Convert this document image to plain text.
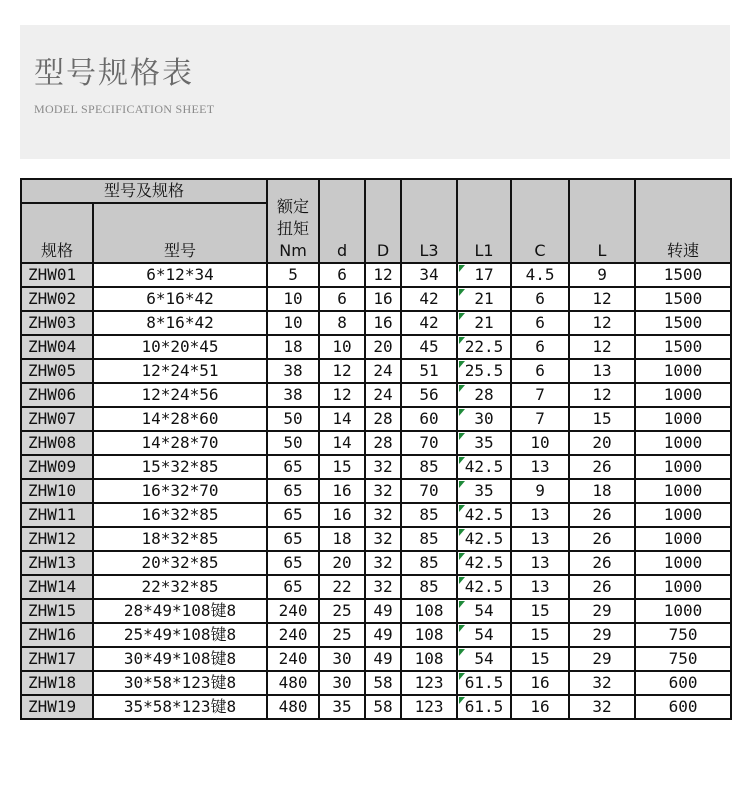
型号规格表
MODEL SPECIFICATION SHEET
型号及规格		额定
扭矩
Nm	d	D	L3	L1	C	L	转速
规格	型号								
ZHW01	6*12*34	5	6	12	34	17	4.5	9	1500
ZHW02	6*16*42	10	6	16	42	21	6	12	1500
ZHW03	8*16*42	10	8	16	42	21	6	12	1500
ZHW04	10*20*45	18	10	20	45	22.5	6	12	1500
ZHW05	12*24*51	38	12	24	51	25.5	6	13	1000
ZHW06	12*24*56	38	12	24	56	28	7	12	1000
ZHW07	14*28*60	50	14	28	60	30	7	15	1000
ZHW08	14*28*70	50	14	28	70	35	10	20	1000
ZHW09	15*32*85	65	15	32	85	42.5	13	26	1000
ZHW10	16*32*70	65	16	32	70	35	9	18	1000
ZHW11	16*32*85	65	16	32	85	42.5	13	26	1000
ZHW12	18*32*85	65	18	32	85	42.5	13	26	1000
ZHW13	20*32*85	65	20	32	85	42.5	13	26	1000
ZHW14	22*32*85	65	22	32	85	42.5	13	26	1000
ZHW15	28*49*108键8	240	25	49	108	54	15	29	1000
ZHW16	25*49*108键8	240	25	49	108	54	15	29	750
ZHW17	30*49*108键8	240	30	49	108	54	15	29	750
ZHW18	30*58*123键8	480	30	58	123	61.5	16	32	600
ZHW19	35*58*123键8	480	35	58	123	61.5	16	32	600
